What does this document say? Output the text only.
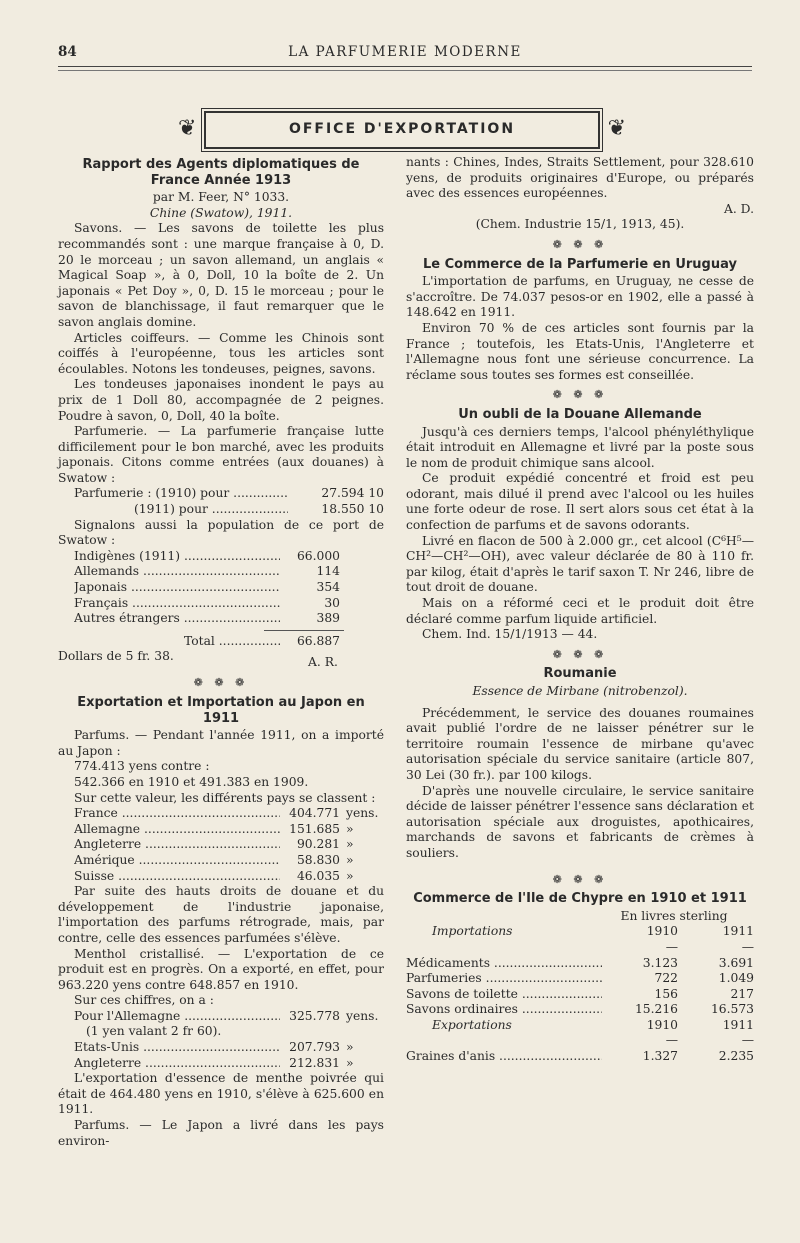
84	LA PARFUMERIE MODERNE
❦	OFFICE D'EXPORTATION	❦

Rapport des Agents diplomatiques de France Année 1913

par M. Feer, N° 1033.

Chine (Swatow), 1911.

Savons. — Les savons de toilette les plus recommandés sont : une marque française à 0, D. 20 le morceau ; un savon allemand, un anglais « Magical Soap », à 0, Doll, 10 la boîte de 2. Un japonais « Pet Doy », 0, D. 15 le morceau ; pour le savon de blanchissage, il faut remarquer que le savon anglais domine.

Articles coiffeurs. — Comme les Chinois sont coiffés à l'européenne, tous les articles sont écoulables. Notons les tondeuses, peignes, savons.

Les tondeuses japonaises inondent le pays au prix de 1 Doll 80, accompagnée de 2 peignes. Poudre à savon, 0, Doll, 40 la boîte.

Parfumerie. — La parfumerie française lutte difficilement pour le bon marché, avec les produits japonais. Citons comme entrées (aux douanes) à Swatow :

Parfumerie : (1910) pour .....	27.594 10
(1911) pour .....	18.550 10

Signalons aussi la population de ce port de Swatow :

Indigènes (1911) .....	66.000
Allemands .....	114
Japonais .....	354
Français .....	30
Autres étrangers .....	389
Total .....	66.887
Dollars de 5 fr. 38.	A. R.

❁ ❁ ❁

Exportation et Importation au Japon en 1911

Parfums. — Pendant l'année 1911, on a importé au Japon :

774.413 yens contre :

542.366 en 1910 et 491.383 en 1909.

Sur cette valeur, les différents pays se classent :

France .....	404.771 yens.
Allemagne .....	151.685 »
Angleterre .....	90.281 »
Amérique .....	58.830 »
Suisse .....	46.035 »

Par suite des hauts droits de douane et du développement de l'industrie japonaise, l'importation des parfums rétrograde, mais, par contre, celle des essences parfumées s'élève.

Menthol cristallisé. — L'exportation de ce produit est en progrès. On a exporté, en effet, pour 963.220 yens contre 648.857 en 1910.

Sur ces chiffres, on a :

Pour l'Allemagne .....	325.778 yens.
(1 yen valant 2 fr 60).
Etats-Unis .....	207.793 »
Angleterre .....	212.831 »

L'exportation d'essence de menthe poivrée qui était de 464.480 yens en 1910, s'élève à 625.600 en 1911.

Parfums. — Le Japon a livré dans les pays environ-

nants : Chines, Indes, Straits Settlement, pour 328.610 yens, de produits originaires d'Europe, ou préparés avec des essences européennes.

A. D.

(Chem. Industrie 15/1, 1913, 45).

❁ ❁ ❁

Le Commerce de la Parfumerie en Uruguay

L'importation de parfums, en Uruguay, ne cesse de s'accroître. De 74.037 pesos-or en 1902, elle a passé à 148.642 en 1911.

Environ 70 % de ces articles sont fournis par la France ; toutefois, les Etats-Unis, l'Angleterre et l'Allemagne nous font une sérieuse concurrence. La réclame sous toutes ses formes est conseillée.

❁ ❁ ❁

Un oubli de la Douane Allemande

Jusqu'à ces derniers temps, l'alcool phényléthylique était introduit en Allemagne et livré par la poste sous le nom de produit chimique sans alcool.

Ce produit expédié concentré et froid est peu odorant, mais dilué il prend avec l'alcool ou les huiles une forte odeur de rose. Il sert alors sous cet état à la confection de parfums et de savons odorants.

Livré en flacon de 500 à 2.000 gr., cet alcool (C⁶H⁵—CH²—CH²—OH), avec valeur déclarée de 80 à 110 fr. par kilog, était d'après le tarif saxon T. Nr 246, libre de tout droit de douane.

Mais on a réformé ceci et le produit doit être déclaré comme parfum liquide artificiel.

Chem. Ind. 15/1/1913 — 44.

❁ ❁ ❁

Roumanie

Essence de Mirbane (nitrobenzol).

Précédemment, le service des douanes roumaines avait publié l'ordre de ne laisser pénétrer sur le territoire roumain l'essence de mirbane qu'avec autorisation spéciale du service sanitaire (article 807, 30 Lei (30 fr.). par 100 kilogs.

D'après une nouvelle circulaire, le service sanitaire décide de laisser pénétrer l'essence sans déclaration et autorisation spéciale aux droguistes, apothicaires, marchands de savons et fabricants de crèmes à souliers.

❁ ❁ ❁

Commerce de l'Ile de Chypre en 1910 et 1911

En livres sterling
Importations	1910	1911
—	—
Médicaments .....	3.123	3.691
Parfumeries .....	722	1.049
Savons de toilette .....	156	217
Savons ordinaires .....	15.216	16.573
Exportations	1910	1911
—	—
Graines d'anis .....	1.327	2.235
